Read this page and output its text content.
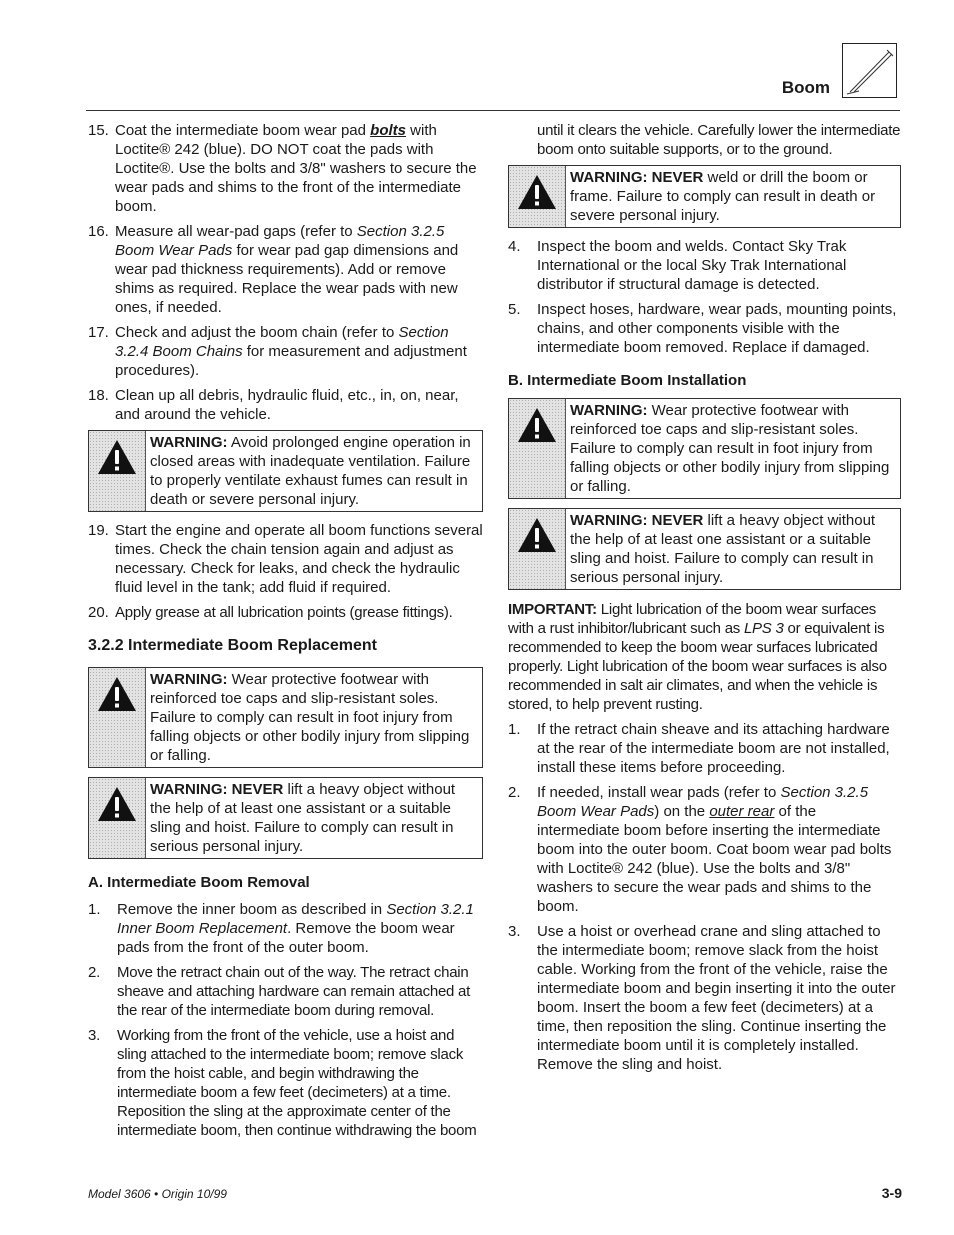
Boom
15. Coat the intermediate boom wear pad bolts with Loctite® 242 (blue). DO NOT coat the pads with Loctite®. Use the bolts and 3/8" washers to secure the wear pads and shims to the front of the intermediate boom.
16. Measure all wear-pad gaps (refer to Section 3.2.5 Boom Wear Pads for wear pad gap dimensions and wear pad thickness requirements). Add or remove shims as required. Replace the wear pads with new ones, if needed.
17. Check and adjust the boom chain (refer to Section 3.2.4 Boom Chains for measurement and adjustment procedures).
18. Clean up all debris, hydraulic fluid, etc., in, on, near, and around the vehicle.
WARNING: Avoid prolonged engine operation in closed areas with inadequate ventilation. Failure to properly ventilate exhaust fumes can result in death or severe personal injury.
19. Start the engine and operate all boom functions several times. Check the chain tension again and adjust as necessary. Check for leaks, and check the hydraulic fluid level in the tank; add fluid if required.
20. Apply grease at all lubrication points (grease fittings).
3.2.2 Intermediate Boom Replacement
WARNING: Wear protective footwear with reinforced toe caps and slip-resistant soles. Failure to comply can result in foot injury from falling objects or other bodily injury from slipping or falling.
WARNING: NEVER lift a heavy object without the help of at least one assistant or a suitable sling and hoist. Failure to comply can result in serious personal injury.
A. Intermediate Boom Removal
1. Remove the inner boom as described in Section 3.2.1 Inner Boom Replacement. Remove the boom wear pads from the front of the outer boom.
2. Move the retract chain out of the way. The retract chain sheave and attaching hardware can remain attached at the rear of the intermediate boom during removal.
3. Working from the front of the vehicle, use a hoist and sling attached to the intermediate boom; remove slack from the hoist cable, and begin withdrawing the intermediate boom a few feet (decimeters) at a time. Reposition the sling at the approximate center of the intermediate boom, then continue withdrawing the boom
until it clears the vehicle. Carefully lower the intermediate boom onto suitable supports, or to the ground.
WARNING: NEVER weld or drill the boom or frame. Failure to comply can result in death or severe personal injury.
4. Inspect the boom and welds. Contact Sky Trak International or the local Sky Trak International distributor if structural damage is detected.
5. Inspect hoses, hardware, wear pads, mounting points, chains, and other components visible with the intermediate boom removed. Replace if damaged.
B. Intermediate Boom Installation
WARNING: Wear protective footwear with reinforced toe caps and slip-resistant soles. Failure to comply can result in foot injury from falling objects or other bodily injury from slipping or falling.
WARNING: NEVER lift a heavy object without the help of at least one assistant or a suitable sling and hoist. Failure to comply can result in serious personal injury.
IMPORTANT: Light lubrication of the boom wear surfaces with a rust inhibitor/lubricant such as LPS 3 or equivalent is recommended to keep the boom wear surfaces lubricated properly. Light lubrication of the boom wear surfaces is also recommended in salt air climates, and when the vehicle is stored, to help prevent rusting.
1. If the retract chain sheave and its attaching hardware at the rear of the intermediate boom are not installed, install these items before proceeding.
2. If needed, install wear pads (refer to Section 3.2.5 Boom Wear Pads) on the outer rear of the intermediate boom before inserting the intermediate boom into the outer boom. Coat boom wear pad bolts with Loctite® 242 (blue). Use the bolts and 3/8" washers to secure the wear pads and shims to the boom.
3. Use a hoist or overhead crane and sling attached to the intermediate boom; remove slack from the hoist cable. Working from the front of the vehicle, raise the intermediate boom and begin inserting it into the outer boom. Insert the boom a few feet (decimeters) at a time, then reposition the sling. Continue inserting the intermediate boom until it is completely installed. Remove the sling and hoist.
Model 3606 • Origin 10/99	3-9
